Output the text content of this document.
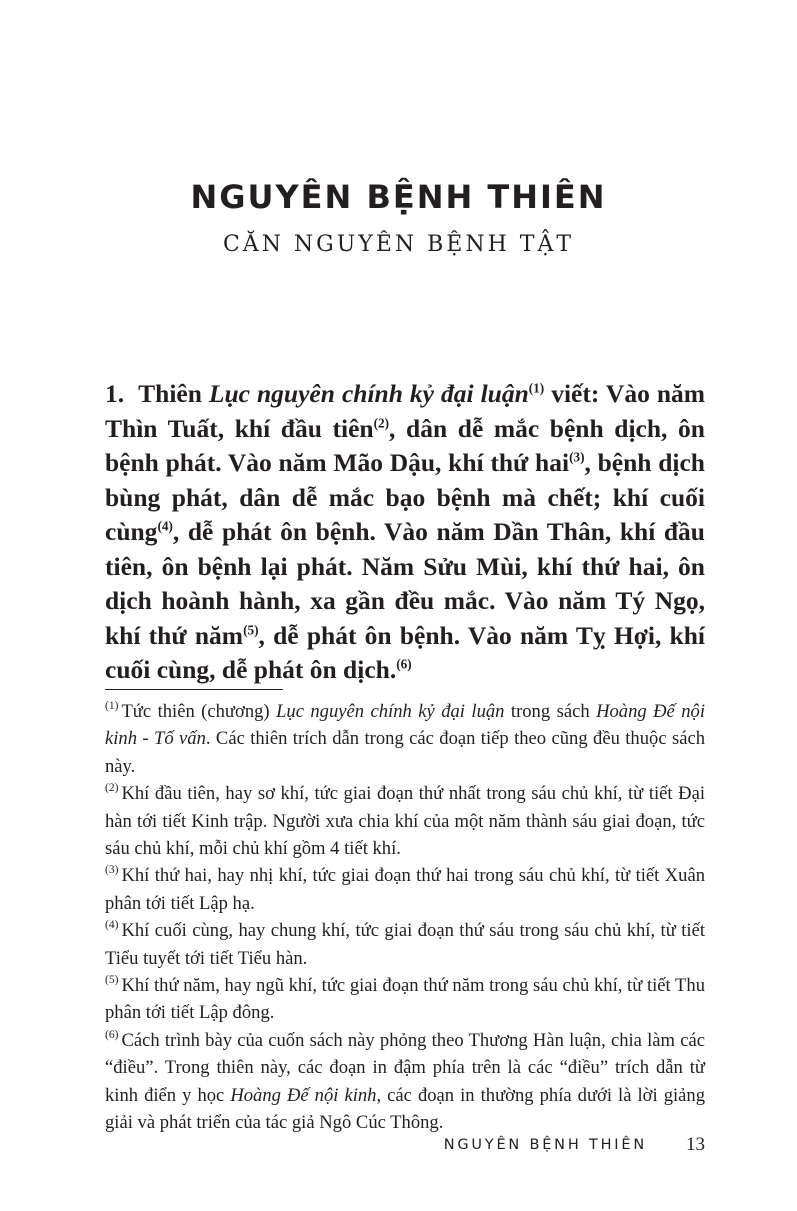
NGUYÊN BỆNH THIÊN
CĂN NGUYÊN BỆNH TẬT
1. Thiên Lục nguyên chính kỷ đại luận$^{(1)}$ viết: Vào năm Thìn Tuất, khí đầu tiên$^{(2)}$, dân dễ mắc bệnh dịch, ôn bệnh phát. Vào năm Mão Dậu, khí thứ hai$^{(3)}$, bệnh dịch bùng phát, dân dễ mắc bạo bệnh mà chết; khí cuối cùng$^{(4)}$, dễ phát ôn bệnh. Vào năm Dần Thân, khí đầu tiên, ôn bệnh lại phát. Năm Sửu Mùi, khí thứ hai, ôn dịch hoành hành, xa gần đều mắc. Vào năm Tý Ngọ, khí thứ năm$^{(5)}$, dễ phát ôn bệnh. Vào năm Tỵ Hợi, khí cuối cùng, dễ phát ôn dịch.$^{(6)}$

$^{(1)}$ Tức thiên (chương) Lục nguyên chính kỷ đại luận trong sách Hoàng Đế nội kinh - Tố vấn. Các thiên trích dẫn trong các đoạn tiếp theo cũng đều thuộc sách này.

$^{(2)}$ Khí đầu tiên, hay sơ khí, tức giai đoạn thứ nhất trong sáu chủ khí, từ tiết Đại hàn tới tiết Kinh trập. Người xưa chia khí của một năm thành sáu giai đoạn, tức sáu chủ khí, mỗi chủ khí gồm 4 tiết khí.

$^{(3)}$ Khí thứ hai, hay nhị khí, tức giai đoạn thứ hai trong sáu chủ khí, từ tiết Xuân phân tới tiết Lập hạ.

$^{(4)}$ Khí cuối cùng, hay chung khí, tức giai đoạn thứ sáu trong sáu chủ khí, từ tiết Tiểu tuyết tới tiết Tiểu hàn.

$^{(5)}$ Khí thứ năm, hay ngũ khí, tức giai đoạn thứ năm trong sáu chủ khí, từ tiết Thu phân tới tiết Lập đông.

$^{(6)}$ Cách trình bày của cuốn sách này phỏng theo Thương Hàn luận, chia làm các “điều”. Trong thiên này, các đoạn in đậm phía trên là các “điều” trích dẫn từ kinh điển y học Hoàng Đế nội kinh, các đoạn in thường phía dưới là lời giảng giải và phát triển của tác giả Ngô Cúc Thông.

NGUYÊN BỆNH THIÊN	13
